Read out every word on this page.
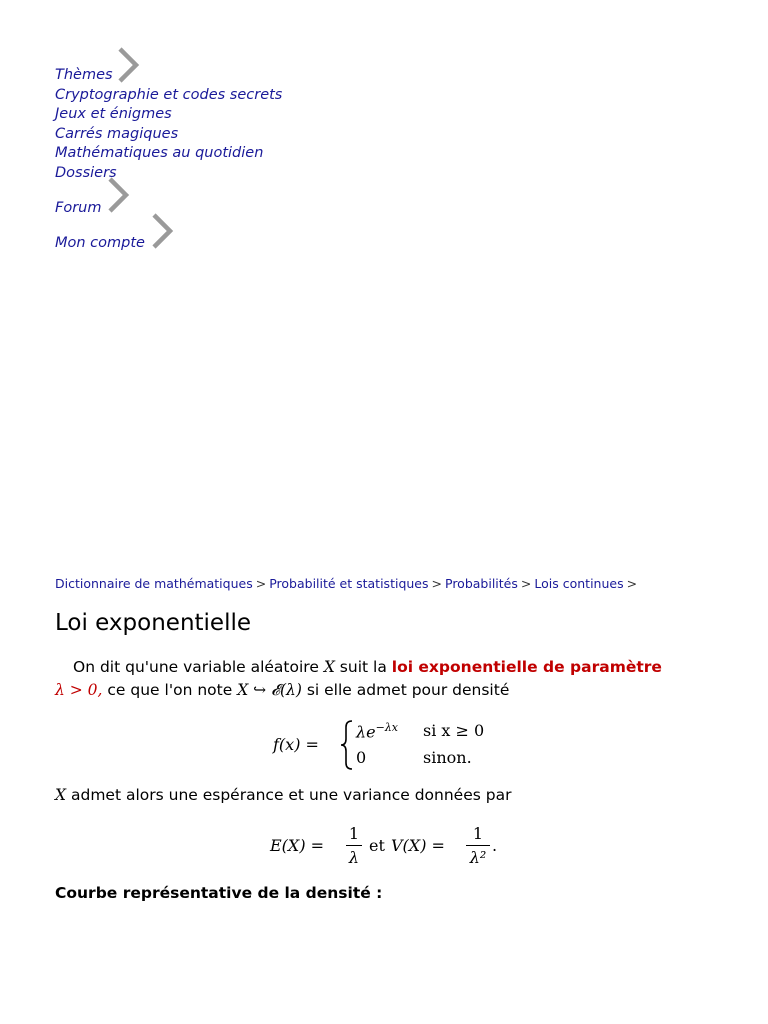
Thèmes
Cryptographie et codes secrets
Jeux et énigmes
Carrés magiques
Mathématiques au quotidien
Dossiers
Forum
Mon compte
Dictionnaire de mathématiques > Probabilité et statistiques > Probabilités > Lois continues >
Loi exponentielle

On dit qu'une variable aléatoire X suit la loi exponentielle de paramètre
λ > 0, ce que l'on note X ↪ 𝓔(λ) si elle admet pour densité

f(x) =
$\lambda e^{-\lambda x}$ si x ≥ 0
0	sinon.

X admet alors une espérance et une variance données par

E(X) =
1
λ
et V(X) =
1
λ²
.
Courbe représentative de la densité :
